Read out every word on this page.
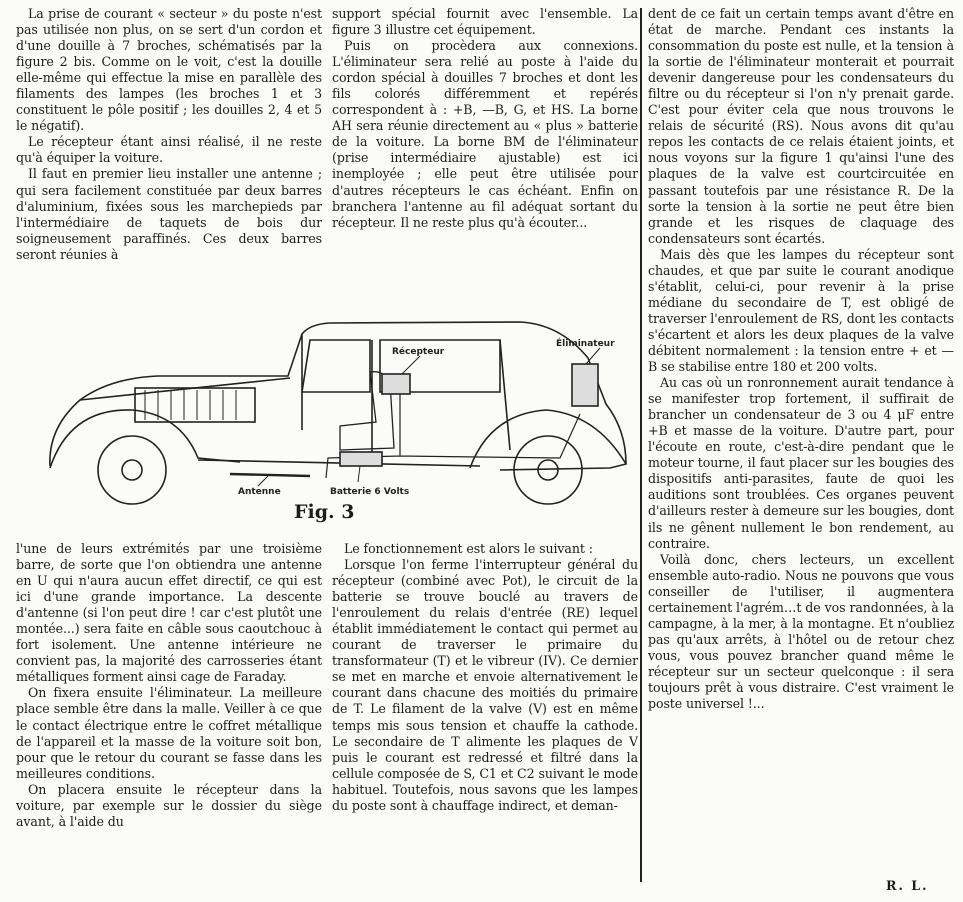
La prise de courant « secteur » du poste n'est pas utilisée non plus, on se sert d'un cordon et d'une douille à 7 broches, schématisés par la figure 2 bis. Comme on le voit, c'est la douille elle-même qui effectue la mise en parallèle des filaments des lampes (les broches 1 et 3 constituent le pôle positif ; les douilles 2, 4 et 5 le négatif).

Le récepteur étant ainsi réalisé, il ne reste qu'à équiper la voiture.

Il faut en premier lieu installer une antenne ; qui sera facilement constituée par deux barres d'aluminium, fixées sous les marchepieds par l'intermédiaire de taquets de bois dur soigneusement paraffinés. Ces deux barres seront réunies à

support spécial fournit avec l'ensemble. La figure 3 illustre cet équipement.

Puis on procèdera aux connexions. L'éliminateur sera relié au poste à l'aide du cordon spécial à douilles 7 broches et dont les fils colorés différemment et repérés correspondent à : +B, —B, G, et HS. La borne AH sera réunie directement au « plus » batterie de la voiture. La borne BM de l'éliminateur (prise intermédiaire ajustable) est ici inemployée ; elle peut être utilisée pour d'autres récepteurs le cas échéant. Enfin on branchera l'antenne au fil adéquat sortant du récepteur. Il ne reste plus qu'à écouter...

dent de ce fait un certain temps avant d'être en état de marche. Pendant ces instants la consommation du poste est nulle, et la tension à la sortie de l'éliminateur monterait et pourrait devenir dangereuse pour les condensateurs du filtre ou du récepteur si l'on n'y prenait garde. C'est pour éviter cela que nous trouvons le relais de sécurité (RS). Nous avons dit qu'au repos les contacts de ce relais étaient joints, et nous voyons sur la figure 1 qu'ainsi l'une des plaques de la valve est courtcircuitée en passant toutefois par une résistance R. De la sorte la tension à la sortie ne peut être bien grande et les risques de claquage des condensateurs sont écartés.

Mais dès que les lampes du récepteur sont chaudes, et que par suite le courant anodique s'établit, celui-ci, pour revenir à la prise médiane du secondaire de T, est obligé de traverser l'enroulement de RS, dont les contacts s'écartent et alors les deux plaques de la valve débitent normalement : la tension entre + et —B se stabilise entre 180 et 200 volts.

Au cas où un ronronnement aurait tendance à se manifester trop fortement, il suffirait de brancher un condensateur de 3 ou 4 μF entre +B et masse de la voiture. D'autre part, pour l'écoute en route, c'est-à-dire pendant que le moteur tourne, il faut placer sur les bougies des dispositifs anti-parasites, faute de quoi les auditions sont troublées. Ces organes peuvent d'ailleurs rester à demeure sur les bougies, dont ils ne gênent nullement le bon rendement, au contraire.

Voilà donc, chers lecteurs, un excellent ensemble auto-radio. Nous ne pouvons que vous conseiller de l'utiliser, il augmentera certainement l'agrém…t de vos randonnées, à la campagne, à la mer, à la montagne. Et n'oubliez pas qu'aux arrêts, à l'hôtel ou de retour chez vous, vous pouvez brancher quand même le récepteur sur un secteur quelconque : il sera toujours prêt à vous distraire. C'est vraiment le poste universel !...

Récepteur
Éliminateur
Antenne	Batterie 6 Volts
Fig. 3

l'une de leurs extrémités par une troisième barre, de sorte que l'on obtiendra une antenne en U qui n'aura aucun effet directif, ce qui est ici d'une grande importance. La descente d'antenne (si l'on peut dire ! car c'est plutôt une montée...) sera faite en câble sous caoutchouc à fort isolement. Une antenne intérieure ne convient pas, la majorité des carrosseries étant métalliques forment ainsi cage de Faraday.

On fixera ensuite l'éliminateur. La meilleure place semble être dans la malle. Veiller à ce que le contact électrique entre le coffret métallique de l'appareil et la masse de la voiture soit bon, pour que le retour du courant se fasse dans les meilleures conditions.

On placera ensuite le récepteur dans la voiture, par exemple sur le dossier du siège avant, à l'aide du

Le fonctionnement est alors le suivant :

Lorsque l'on ferme l'interrupteur général du récepteur (combiné avec Pot), le circuit de la batterie se trouve bouclé au travers de l'enroulement du relais d'entrée (RE) lequel établit immédiatement le contact qui permet au courant de traverser le primaire du transformateur (T) et le vibreur (IV). Ce dernier se met en marche et envoie alternativement le courant dans chacune des moitiés du primaire de T. Le filament de la valve (V) est en même temps mis sous tension et chauffe la cathode. Le secondaire de T alimente les plaques de V puis le courant est redressé et filtré dans la cellule composée de S, C1 et C2 suivant le mode habituel. Toutefois, nous savons que les lampes du poste sont à chauffage indirect, et deman-

R. L.
